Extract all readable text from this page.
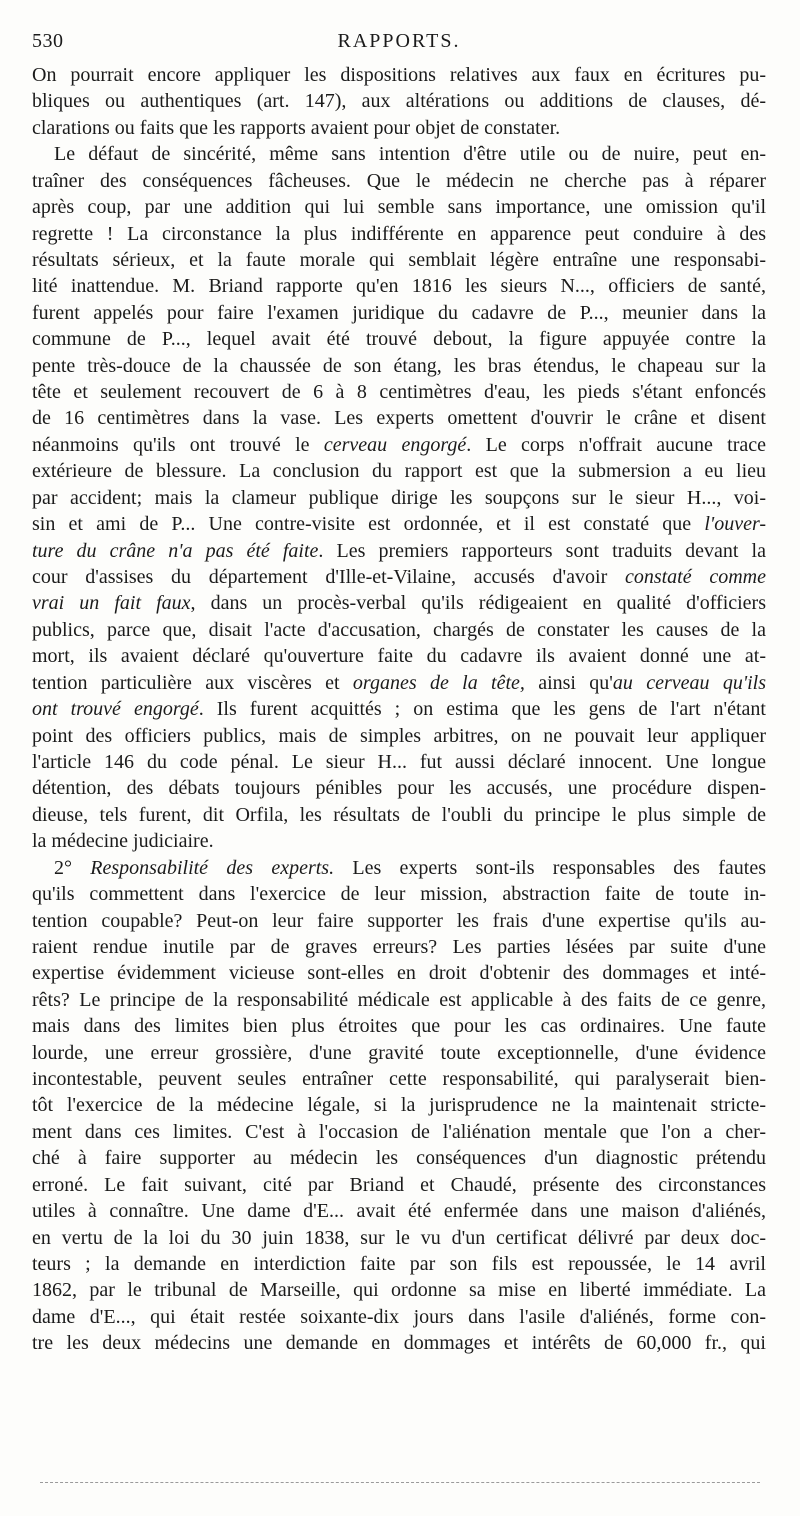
530	RAPPORTS.
On pourrait encore appliquer les dispositions relatives aux faux en écritures pu-
bliques ou authentiques (art. 147), aux altérations ou additions de clauses, dé-
clarations ou faits que les rapports avaient pour objet de constater.
Le défaut de sincérité, même sans intention d'être utile ou de nuire, peut en-
traîner des conséquences fâcheuses. Que le médecin ne cherche pas à réparer
après coup, par une addition qui lui semble sans importance, une omission qu'il
regrette ! La circonstance la plus indifférente en apparence peut conduire à des
résultats sérieux, et la faute morale qui semblait légère entraîne une responsabi-
lité inattendue. M. Briand rapporte qu'en 1816 les sieurs N..., officiers de santé,
furent appelés pour faire l'examen juridique du cadavre de P..., meunier dans la
commune de P..., lequel avait été trouvé debout, la figure appuyée contre la
pente très-douce de la chaussée de son étang, les bras étendus, le chapeau sur la
tête et seulement recouvert de 6 à 8 centimètres d'eau, les pieds s'étant enfoncés
de 16 centimètres dans la vase. Les experts omettent d'ouvrir le crâne et disent
néanmoins qu'ils ont trouvé le cerveau engorgé. Le corps n'offrait aucune trace
extérieure de blessure. La conclusion du rapport est que la submersion a eu lieu
par accident; mais la clameur publique dirige les soupçons sur le sieur H..., voi-
sin et ami de P... Une contre-visite est ordonnée, et il est constaté que l'ouver-
ture du crâne n'a pas été faite. Les premiers rapporteurs sont traduits devant la
cour d'assises du département d'Ille-et-Vilaine, accusés d'avoir constaté comme
vrai un fait faux, dans un procès-verbal qu'ils rédigeaient en qualité d'officiers
publics, parce que, disait l'acte d'accusation, chargés de constater les causes de la
mort, ils avaient déclaré qu'ouverture faite du cadavre ils avaient donné une at-
tention particulière aux viscères et organes de la tête, ainsi qu'au cerveau qu'ils
ont trouvé engorgé. Ils furent acquittés ; on estima que les gens de l'art n'étant
point des officiers publics, mais de simples arbitres, on ne pouvait leur appliquer
l'article 146 du code pénal. Le sieur H... fut aussi déclaré innocent. Une longue
détention, des débats toujours pénibles pour les accusés, une procédure dispen-
dieuse, tels furent, dit Orfila, les résultats de l'oubli du principe le plus simple de
la médecine judiciaire.
2° Responsabilité des experts. Les experts sont-ils responsables des fautes
qu'ils commettent dans l'exercice de leur mission, abstraction faite de toute in-
tention coupable? Peut-on leur faire supporter les frais d'une expertise qu'ils au-
raient rendue inutile par de graves erreurs? Les parties lésées par suite d'une
expertise évidemment vicieuse sont-elles en droit d'obtenir des dommages et inté-
rêts? Le principe de la responsabilité médicale est applicable à des faits de ce genre,
mais dans des limites bien plus étroites que pour les cas ordinaires. Une faute
lourde, une erreur grossière, d'une gravité toute exceptionnelle, d'une évidence
incontestable, peuvent seules entraîner cette responsabilité, qui paralyserait bien-
tôt l'exercice de la médecine légale, si la jurisprudence ne la maintenait stricte-
ment dans ces limites. C'est à l'occasion de l'aliénation mentale que l'on a cher-
ché à faire supporter au médecin les conséquences d'un diagnostic prétendu
erroné. Le fait suivant, cité par Briand et Chaudé, présente des circonstances
utiles à connaître. Une dame d'E... avait été enfermée dans une maison d'aliénés,
en vertu de la loi du 30 juin 1838, sur le vu d'un certificat délivré par deux doc-
teurs ; la demande en interdiction faite par son fils est repoussée, le 14 avril
1862, par le tribunal de Marseille, qui ordonne sa mise en liberté immédiate. La
dame d'E..., qui était restée soixante-dix jours dans l'asile d'aliénés, forme con-
tre les deux médecins une demande en dommages et intérêts de 60,000 fr., qui
